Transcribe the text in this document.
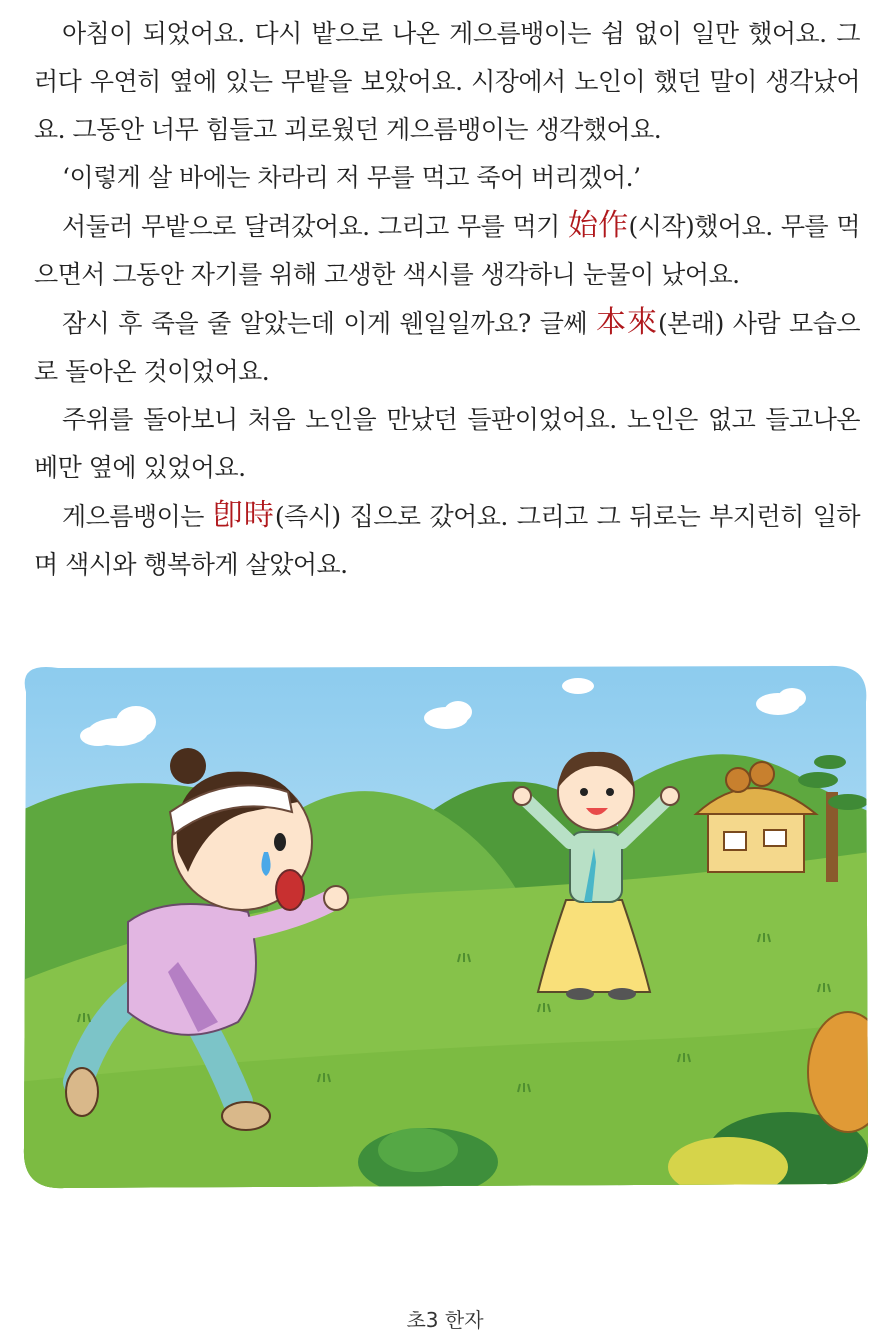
아침이 되었어요. 다시 밭으로 나온 게으름뱅이는 쉼 없이 일만 했어요. 그러다 우연히 옆에 있는 무밭을 보았어요. 시장에서 노인이 했던 말이 생각났어요. 그동안 너무 힘들고 괴로웠던 게으름뱅이는 생각했어요.

‘이렇게 살 바에는 차라리 저 무를 먹고 죽어 버리겠어.’

서둘러 무밭으로 달려갔어요. 그리고 무를 먹기 始作(시작)했어요. 무를 먹으면서 그동안 자기를 위해 고생한 색시를 생각하니 눈물이 났어요.

잠시 후 죽을 줄 알았는데 이게 웬일일까요? 글쎄 本來(본래) 사람 모습으로 돌아온 것이었어요.

주위를 돌아보니 처음 노인을 만났던 들판이었어요. 노인은 없고 들고나온 베만 옆에 있었어요.

게으름뱅이는 卽時(즉시) 집으로 갔어요. 그리고 그 뒤로는 부지런히 일하며 색시와 행복하게 살았어요.

초3 한자
